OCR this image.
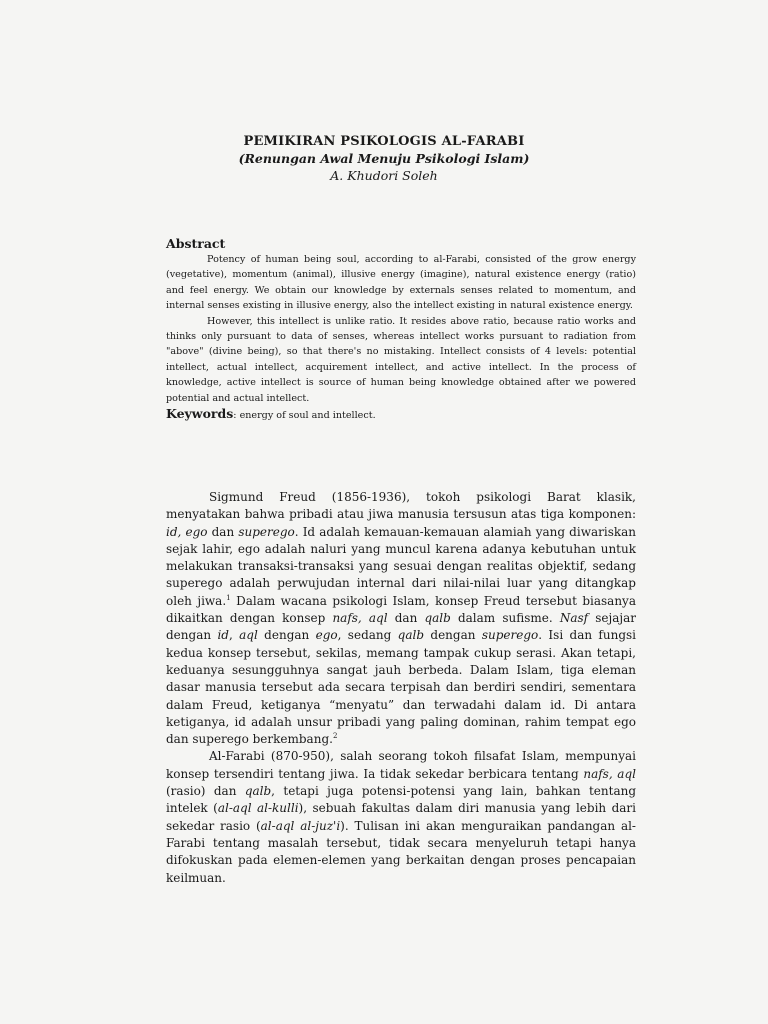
PEMIKIRAN PSIKOLOGIS AL-FARABI
(Renungan Awal Menuju Psikologi Islam)
A. Khudori Soleh
Abstract

Potency of human being soul, according to al-Farabi, consisted of the grow energy (vegetative), momentum (animal), illusive energy (imagine), natural existence energy (ratio) and feel energy. We obtain our knowledge by externals senses related to momentum, and internal senses existing in illusive energy, also the intellect existing in natural existence energy.

However, this intellect is unlike ratio. It resides above ratio, because ratio works and thinks only pursuant to data of senses, whereas intellect works pursuant to radiation from "above" (divine being), so that there's no mistaking. Intellect consists of 4 levels: potential intellect, actual intellect, acquirement intellect, and active intellect. In the process of knowledge, active intellect is source of human being knowledge obtained after we powered potential and actual intellect.

Keywords: energy of soul and intellect.

Sigmund Freud (1856-1936), tokoh psikologi Barat klasik, menyatakan bahwa pribadi atau jiwa manusia tersusun atas tiga komponen: id, ego dan superego. Id adalah kemauan-kemauan alamiah yang diwariskan sejak lahir, ego adalah naluri yang muncul karena adanya kebutuhan untuk melakukan transaksi-transaksi yang sesuai dengan realitas objektif, sedang superego adalah perwujudan internal dari nilai-nilai luar yang ditangkap oleh jiwa.$^1$ Dalam wacana psikologi Islam, konsep Freud tersebut biasanya dikaitkan dengan konsep nafs, aql dan qalb dalam sufisme. Nasf sejajar dengan id, aql dengan ego, sedang qalb dengan superego. Isi dan fungsi kedua konsep tersebut, sekilas, memang tampak cukup serasi. Akan tetapi, keduanya sesungguhnya sangat jauh berbeda. Dalam Islam, tiga eleman dasar manusia tersebut ada secara terpisah dan berdiri sendiri, sementara dalam Freud, ketiganya “menyatu” dan terwadahi dalam id. Di antara ketiganya, id adalah unsur pribadi yang paling dominan, rahim tempat ego dan superego berkembang.$^2$

Al-Farabi (870-950), salah seorang tokoh filsafat Islam, mempunyai konsep tersendiri tentang jiwa. Ia tidak sekedar berbicara tentang nafs, aql (rasio) dan qalb, tetapi juga potensi-potensi yang lain, bahkan tentang intelek (al-aql al-kulli), sebuah fakultas dalam diri manusia yang lebih dari sekedar rasio (al-aql al-juz'i). Tulisan ini akan menguraikan pandangan al-Farabi tentang masalah tersebut, tidak secara menyeluruh tetapi hanya difokuskan pada elemen-elemen yang berkaitan dengan proses pencapaian keilmuan.
